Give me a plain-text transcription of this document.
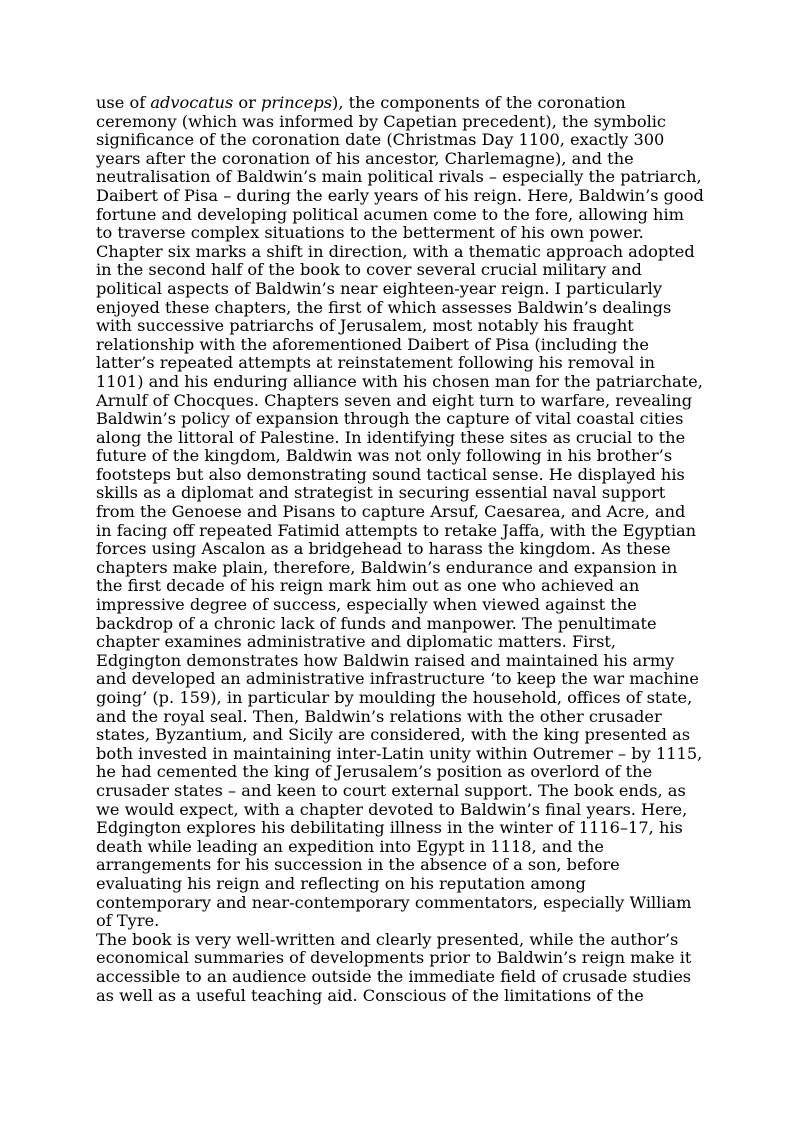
use of advocatus or princeps), the components of the coronation
ceremony (which was informed by Capetian precedent), the symbolic
significance of the coronation date (Christmas Day 1100, exactly 300
years after the coronation of his ancestor, Charlemagne), and the
neutralisation of Baldwin’s main political rivals – especially the patriarch,
Daibert of Pisa – during the early years of his reign. Here, Baldwin’s good
fortune and developing political acumen come to the fore, allowing him
to traverse complex situations to the betterment of his own power.
Chapter six marks a shift in direction, with a thematic approach adopted
in the second half of the book to cover several crucial military and
political aspects of Baldwin’s near eighteen-year reign. I particularly
enjoyed these chapters, the first of which assesses Baldwin’s dealings
with successive patriarchs of Jerusalem, most notably his fraught
relationship with the aforementioned Daibert of Pisa (including the
latter’s repeated attempts at reinstatement following his removal in
1101) and his enduring alliance with his chosen man for the patriarchate,
Arnulf of Chocques. Chapters seven and eight turn to warfare, revealing
Baldwin’s policy of expansion through the capture of vital coastal cities
along the littoral of Palestine. In identifying these sites as crucial to the
future of the kingdom, Baldwin was not only following in his brother’s
footsteps but also demonstrating sound tactical sense. He displayed his
skills as a diplomat and strategist in securing essential naval support
from the Genoese and Pisans to capture Arsuf, Caesarea, and Acre, and
in facing off repeated Fatimid attempts to retake Jaffa, with the Egyptian
forces using Ascalon as a bridgehead to harass the kingdom. As these
chapters make plain, therefore, Baldwin’s endurance and expansion in
the first decade of his reign mark him out as one who achieved an
impressive degree of success, especially when viewed against the
backdrop of a chronic lack of funds and manpower. The penultimate
chapter examines administrative and diplomatic matters. First,
Edgington demonstrates how Baldwin raised and maintained his army
and developed an administrative infrastructure ‘to keep the war machine
going’ (p. 159), in particular by moulding the household, offices of state,
and the royal seal. Then, Baldwin’s relations with the other crusader
states, Byzantium, and Sicily are considered, with the king presented as
both invested in maintaining inter-Latin unity within Outremer – by 1115,
he had cemented the king of Jerusalem’s position as overlord of the
crusader states – and keen to court external support. The book ends, as
we would expect, with a chapter devoted to Baldwin’s final years. Here,
Edgington explores his debilitating illness in the winter of 1116–17, his
death while leading an expedition into Egypt in 1118, and the
arrangements for his succession in the absence of a son, before
evaluating his reign and reflecting on his reputation among
contemporary and near-contemporary commentators, especially William
of Tyre.

The book is very well-written and clearly presented, while the author’s
economical summaries of developments prior to Baldwin’s reign make it
accessible to an audience outside the immediate field of crusade studies
as well as a useful teaching aid. Conscious of the limitations of the
